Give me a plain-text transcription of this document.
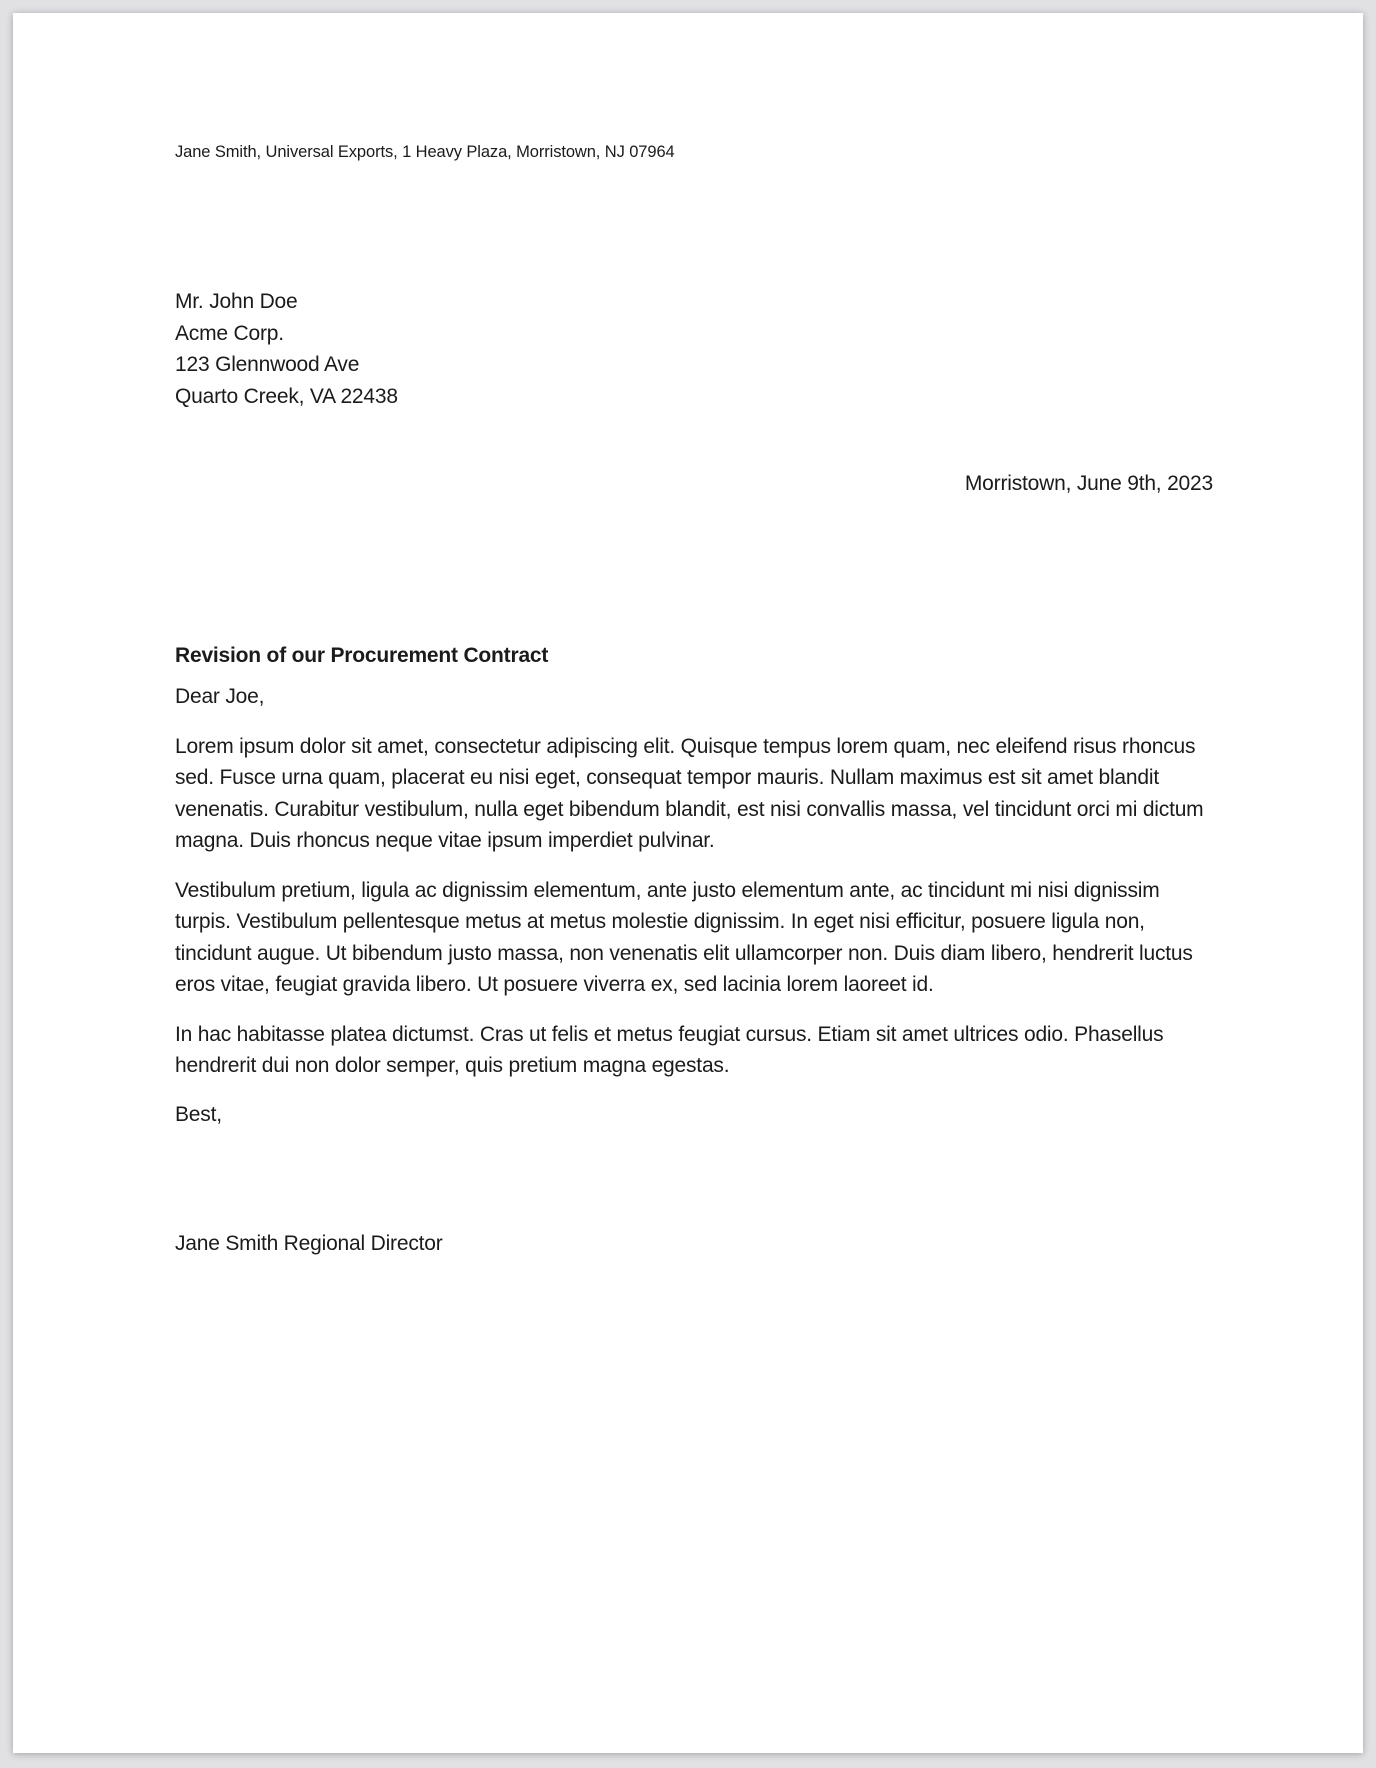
Jane Smith, Universal Exports, 1 Heavy Plaza, Morristown, NJ 07964
Mr. John Doe
Acme Corp.
123 Glennwood Ave
Quarto Creek, VA 22438
Morristown, June 9th, 2023
Revision of our Procurement Contract
Dear Joe,

Lorem ipsum dolor sit amet, consectetur adipiscing elit. Quisque tempus lorem quam, nec eleifend risus rhoncus sed. Fusce urna quam, placerat eu nisi eget, consequat tempor mauris. Nullam maximus est sit amet blandit venenatis. Curabitur vestibulum, nulla eget bibendum blandit, est nisi convallis massa, vel tincidunt orci mi dictum magna. Duis rhoncus neque vitae ipsum imperdiet pulvinar.

Vestibulum pretium, ligula ac dignissim elementum, ante justo elementum ante, ac tincidunt mi nisi dignissim turpis. Vestibulum pellentesque metus at metus molestie dignissim. In eget nisi efficitur, posuere ligula non, tincidunt augue. Ut bibendum justo massa, non venenatis elit ullamcorper non. Duis diam libero, hendrerit luctus eros vitae, feugiat gravida libero. Ut posuere viverra ex, sed lacinia lorem laoreet id.

In hac habitasse platea dictumst. Cras ut felis et metus feugiat cursus. Etiam sit amet ultrices odio. Phasellus hendrerit dui non dolor semper, quis pretium magna egestas.

Best,
Jane Smith Regional Director
